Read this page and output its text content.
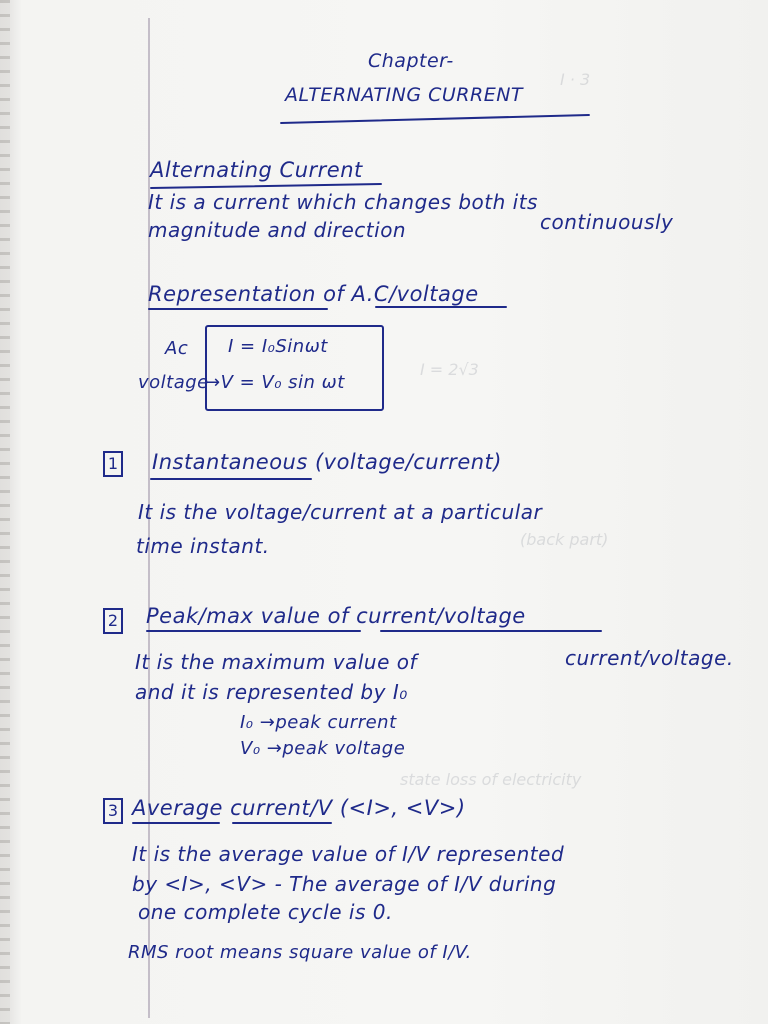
I · 3
I = 2√3
(back part)
state loss of electricity
Chapter-
ALTERNATING CURRENT
Alternating Current
It is a current which changes both its
magnitude and direction	continuously
Representation of A.C/voltage
Ac
voltage
I = I₀Sinωt
→V = V₀ sin ωt
1 Instantaneous (voltage/current)
It is the voltage/current at a particular
time instant.
2 Peak/max value of current/voltage
It is the maximum value of	current/voltage.
and it is represented by I₀
I₀ →peak current
V₀ →peak voltage
3 Average current/V (<I>, <V>)
It is the average value of I/V represented
by <I>, <V> - The average of I/V during
one complete cycle is 0.
RMS root means square value of I/V.
